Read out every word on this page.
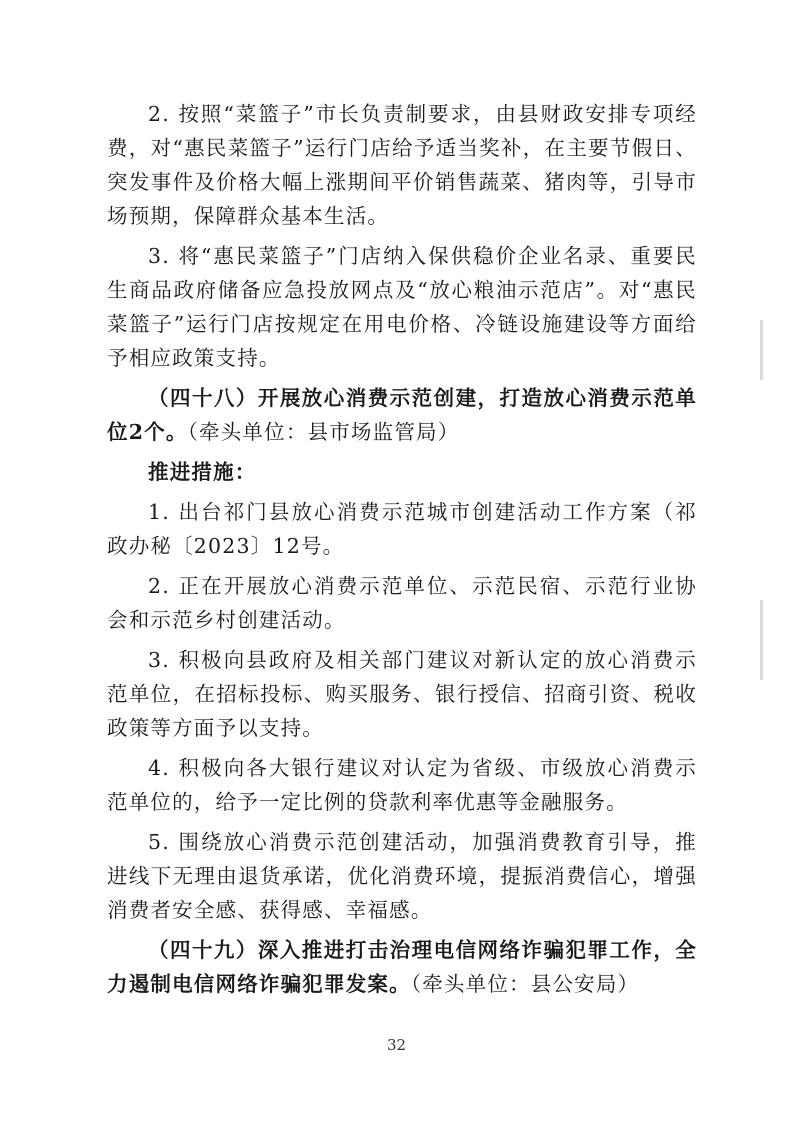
2. 按照“菜篮子”市长负责制要求，由县财政安排专项经费，对“惠民菜篮子”运行门店给予适当奖补，在主要节假日、突发事件及价格大幅上涨期间平价销售蔬菜、猪肉等，引导市场预期，保障群众基本生活。

3. 将“惠民菜篮子”门店纳入保供稳价企业名录、重要民生商品政府储备应急投放网点及“放心粮油示范店”。对“惠民菜篮子”运行门店按规定在用电价格、冷链设施建设等方面给予相应政策支持。

（四十八）开展放心消费示范创建，打造放心消费示范单位2个。（牵头单位：县市场监管局）

推进措施：

1. 出台祁门县放心消费示范城市创建活动工作方案（祁政办秘〔2023〕12号。

2. 正在开展放心消费示范单位、示范民宿、示范行业协会和示范乡村创建活动。

3. 积极向县政府及相关部门建议对新认定的放心消费示范单位，在招标投标、购买服务、银行授信、招商引资、税收政策等方面予以支持。

4. 积极向各大银行建议对认定为省级、市级放心消费示范单位的，给予一定比例的贷款利率优惠等金融服务。

5. 围绕放心消费示范创建活动，加强消费教育引导，推进线下无理由退货承诺，优化消费环境，提振消费信心，增强消费者安全感、获得感、幸福感。

（四十九）深入推进打击治理电信网络诈骗犯罪工作，全力遏制电信网络诈骗犯罪发案。（牵头单位：县公安局）

32
